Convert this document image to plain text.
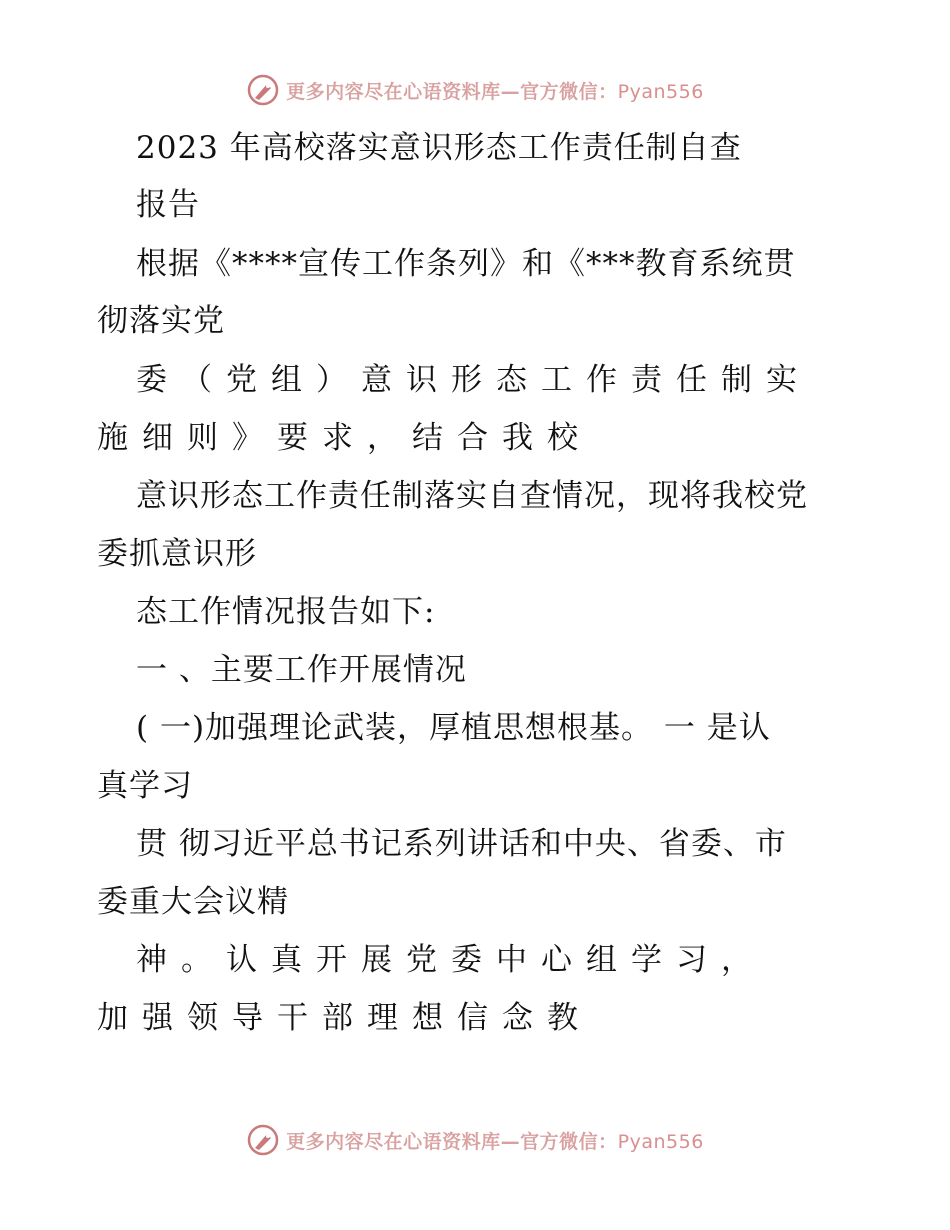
更多内容尽在心语资料库—官方微信：Pyan556
2023 年高校落实意识形态工作责任制自查
报告
根据《****宣传工作条列》和《***教育系统贯
彻落实党
委（党组）意识形态工作责任制实
施细则》要求，结合我校
意识形态工作责任制落实自查情况，现将我校党
委抓意识形
态工作情况报告如下:
一 、主要工作开展情况
( 一)加强理论武装，厚植思想根基。 一 是认
真学习
贯 彻习近平总书记系列讲话和中央、省委、市
委重大会议精
神。认真开展党委中心组学习，
加强领导干部理想信念教
更多内容尽在心语资料库—官方微信：Pyan556
